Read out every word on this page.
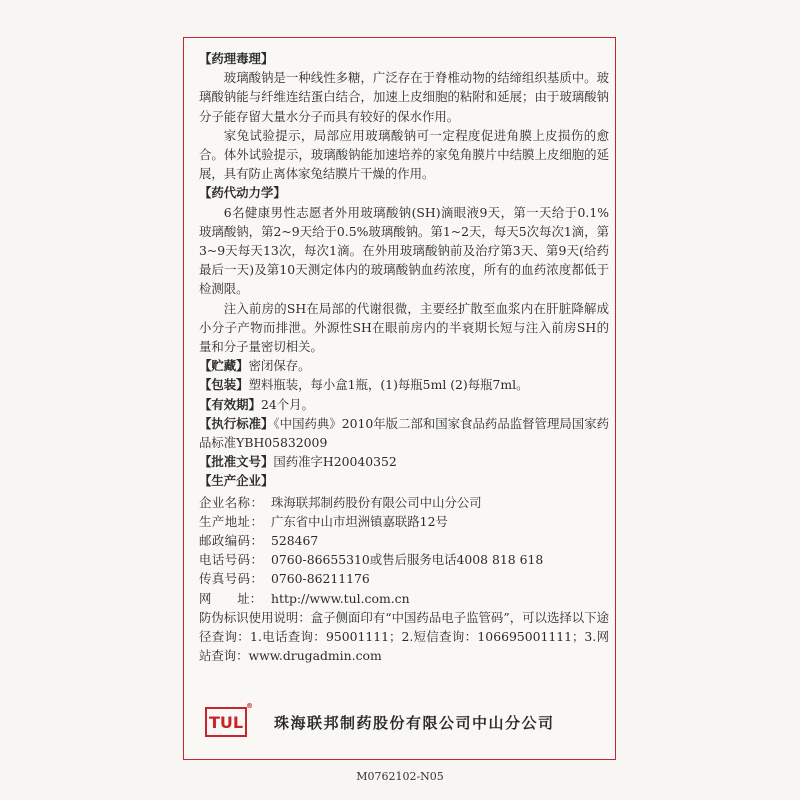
【药理毒理】

玻璃酸钠是一种线性多糖，广泛存在于脊椎动物的结缔组织基质中。玻璃酸钠能与纤维连结蛋白结合，加速上皮细胞的粘附和延展；由于玻璃酸钠分子能存留大量水分子而具有较好的保水作用。

家兔试验提示，局部应用玻璃酸钠可一定程度促进角膜上皮损伤的愈合。体外试验提示，玻璃酸钠能加速培养的家兔角膜片中结膜上皮细胞的延展，具有防止离体家兔结膜片干燥的作用。

【药代动力学】

6名健康男性志愿者外用玻璃酸钠(SH)滴眼液9天，第一天给于0.1%玻璃酸钠，第2~9天给于0.5%玻璃酸钠。第1~2天，每天5次每次1滴，第3~9天每天13次，每次1滴。在外用玻璃酸钠前及治疗第3天、第9天(给药最后一天)及第10天测定体内的玻璃酸钠血药浓度，所有的血药浓度都低于检测限。

注入前房的SH在局部的代谢很微，主要经扩散至血浆内在肝脏降解成小分子产物而排泄。外源性SH在眼前房内的半衰期长短与注入前房SH的量和分子量密切相关。

【贮藏】密闭保存。

【包装】塑料瓶装，每小盒1瓶，(1)每瓶5ml (2)每瓶7ml。

【有效期】24个月。

【执行标准】《中国药典》2010年版二部和国家食品药品监督管理局国家药品标准YBH05832009

【批准文号】国药准字H20040352

【生产企业】
企业名称： 珠海联邦制药股份有限公司中山分公司
生产地址： 广东省中山市坦洲镇嘉联路12号
邮政编码： 528467
电话号码： 0760-86655310或售后服务电话4008 818 618
传真号码： 0760-86211176
网 址： http://www.tul.com.cn

防伪标识使用说明：盒子侧面印有“中国药品电子监管码”，可以选择以下途径查询：1.电话查询：95001111；2.短信查询：106695001111；3.网站查询：www.drugadmin.com

TUL
®
珠海联邦制药股份有限公司中山分公司
M0762102-N05
